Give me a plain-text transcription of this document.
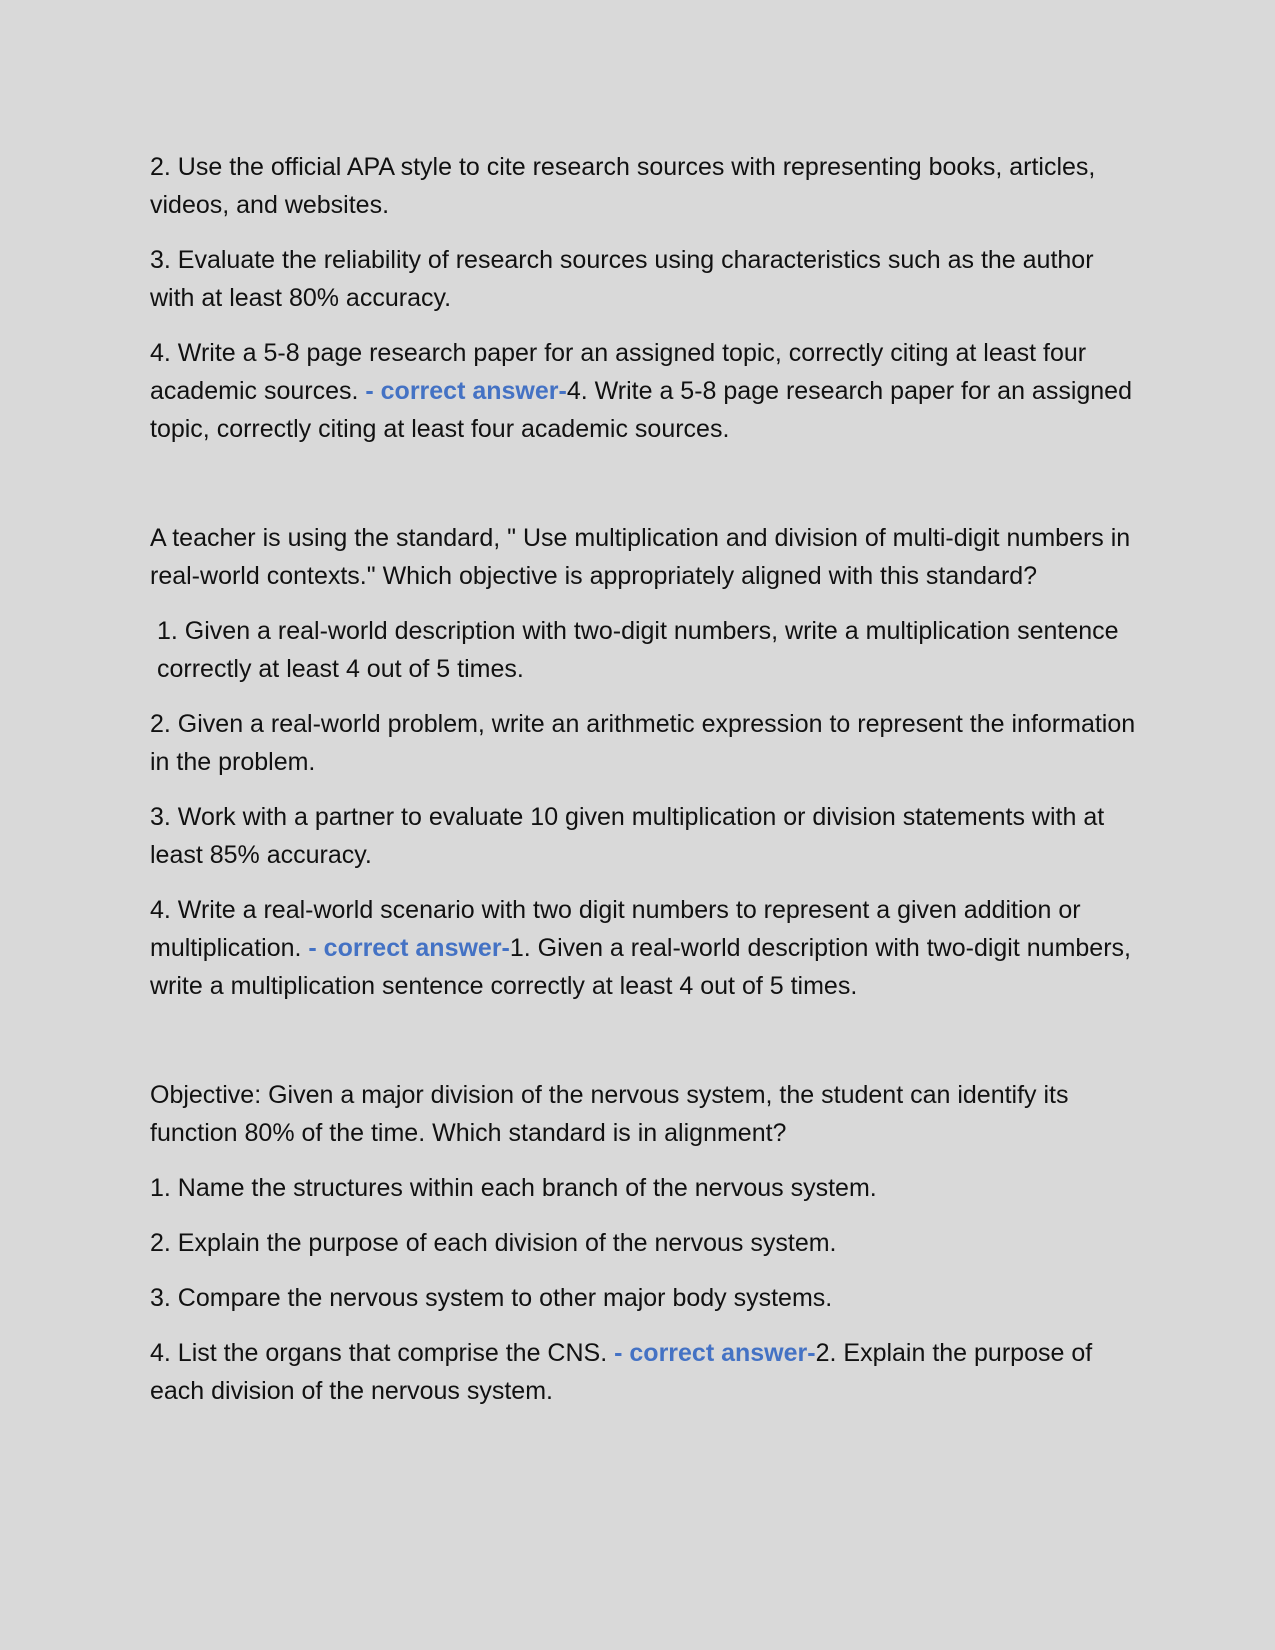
2. Use the official APA style to cite research sources with representing books, articles, videos, and websites.

3. Evaluate the reliability of research sources using characteristics such as the author with at least 80% accuracy.

4. Write a 5-8 page research paper for an assigned topic, correctly citing at least four academic sources. - correct answer-4. Write a 5-8 page research paper for an assigned topic, correctly citing at least four academic sources.

A teacher is using the standard, " Use multiplication and division of multi-digit numbers in real-world contexts." Which objective is appropriately aligned with this standard?

1. Given a real-world description with two-digit numbers, write a multiplication sentence correctly at least 4 out of 5 times.

2. Given a real-world problem, write an arithmetic expression to represent the information in the problem.

3. Work with a partner to evaluate 10 given multiplication or division statements with at least 85% accuracy.

4. Write a real-world scenario with two digit numbers to represent a given addition or multiplication. - correct answer-1. Given a real-world description with two-digit numbers, write a multiplication sentence correctly at least 4 out of 5 times.

Objective: Given a major division of the nervous system, the student can identify its function 80% of the time. Which standard is in alignment?

1. Name the structures within each branch of the nervous system.

2. Explain the purpose of each division of the nervous system.

3. Compare the nervous system to other major body systems.

4. List the organs that comprise the CNS. - correct answer-2. Explain the purpose of each division of the nervous system.
